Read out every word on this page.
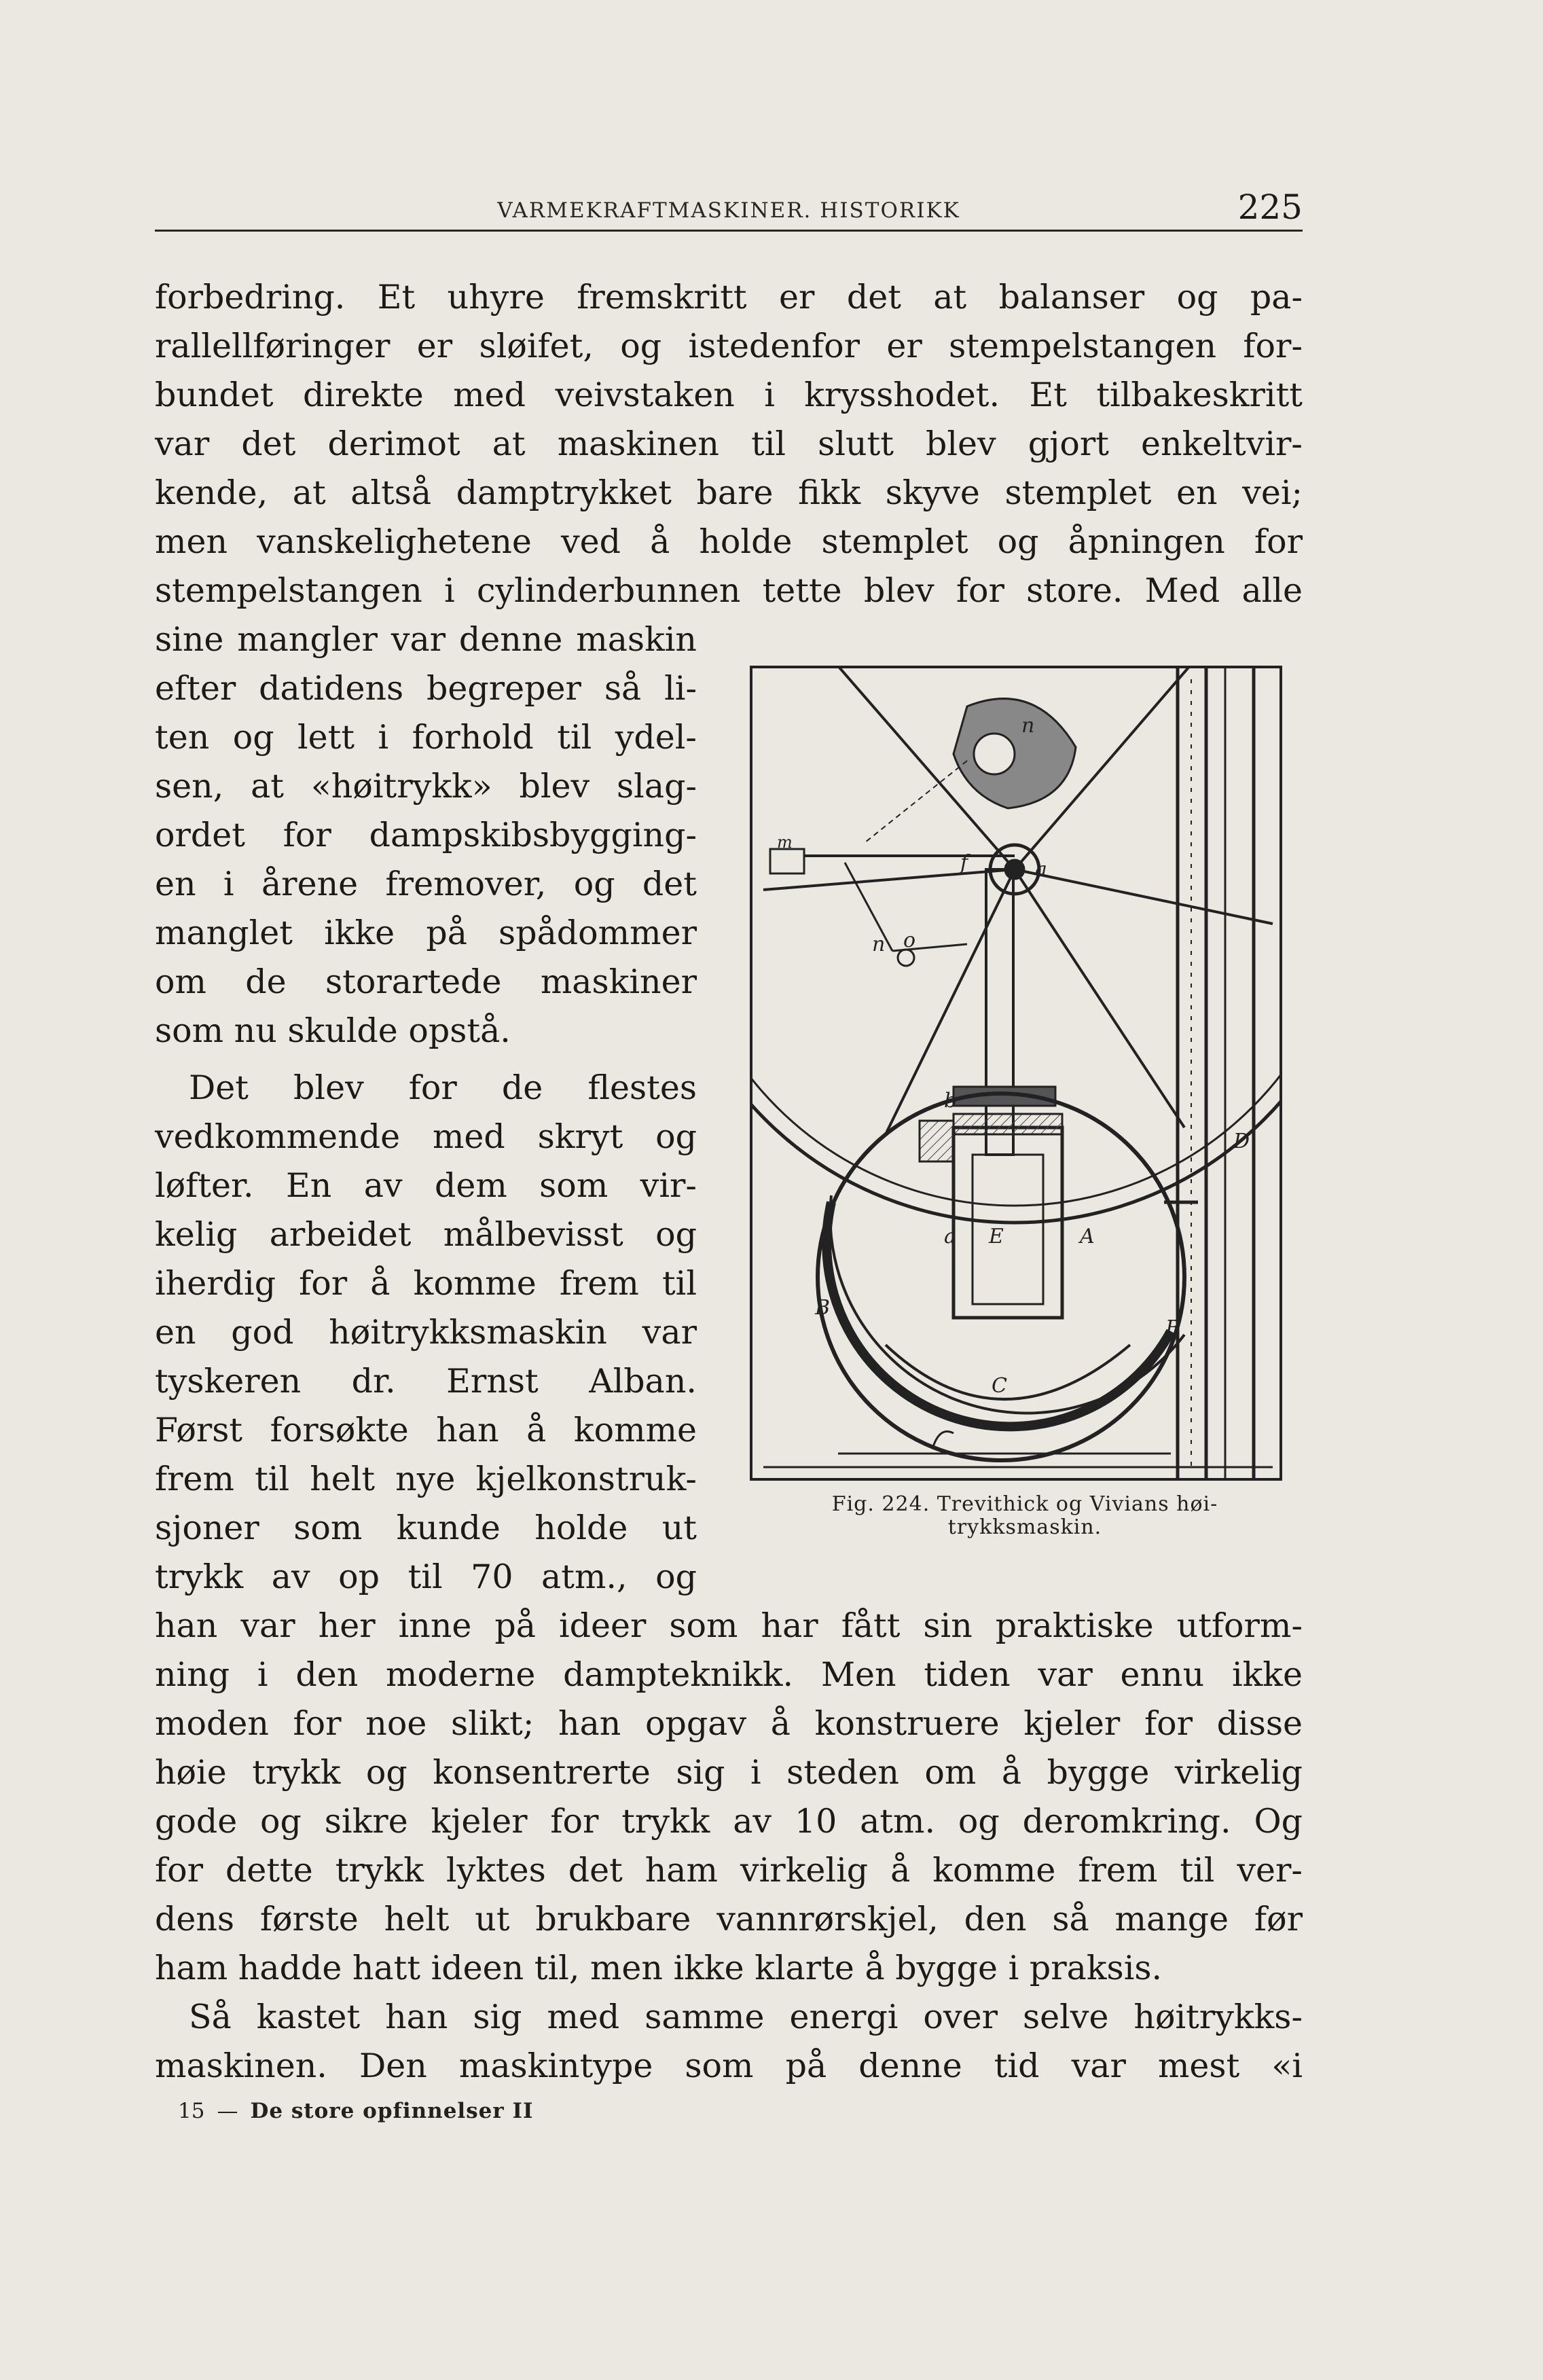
VARMEKRAFTMASKINER. HISTORIKK	225

forbedring. Et uhyre fremskritt er det at balanser og pa-

rallellføringer er sløifet, og istedenfor er stempelstangen for-

bundet direkte med veivstaken i krysshodet. Et tilbakeskritt

var det derimot at maskinen til slutt blev gjort enkeltvir-

kende, at altså damptrykket bare fikk skyve stemplet en vei;

men vanskelighetene ved å holde stemplet og åpningen for

stempelstangen i cylinderbunnen tette blev for store. Med alle

sine mangler var denne maskin

efter datidens begreper så li-

ten og lett i forhold til ydel-

sen, at «høitrykk» blev slag-

ordet for dampskibsbygging-

en i årene fremover, og det

manglet ikke på spådommer

om de storartede maskiner

som nu skulde opstå.

Det blev for de flestes

vedkommende med skryt og

løfter. En av dem som vir-

kelig arbeidet målbevisst og

iherdig for å komme frem til

en god høitrykksmaskin var

tyskeren dr. Ernst Alban.

Først forsøkte han å komme

frem til helt nye kjelkonstruk-

sjoner som kunde holde ut

trykk av op til 70 atm., og

han var her inne på ideer som har fått sin praktiske utform-

ning i den moderne dampteknikk. Men tiden var ennu ikke

moden for noe slikt; han opgav å konstruere kjeler for disse

høie trykk og konsentrerte sig i steden om å bygge virkelig

gode og sikre kjeler for trykk av 10 atm. og deromkring. Og

for dette trykk lyktes det ham virkelig å komme frem til ver-

dens første helt ut brukbare vannrørskjel, den så mange før

ham hadde hatt ideen til, men ikke klarte å bygge i praksis.

Så kastet han sig med samme energi over selve høitrykks-

maskinen. Den maskintype som på denne tid var mest «i

n
m
f	a
n o
b
D
a E	A
B
B
C
Fig. 224. Trevithick og Vivians høi-
trykksmaskin.
15 — De store opfinnelser II
